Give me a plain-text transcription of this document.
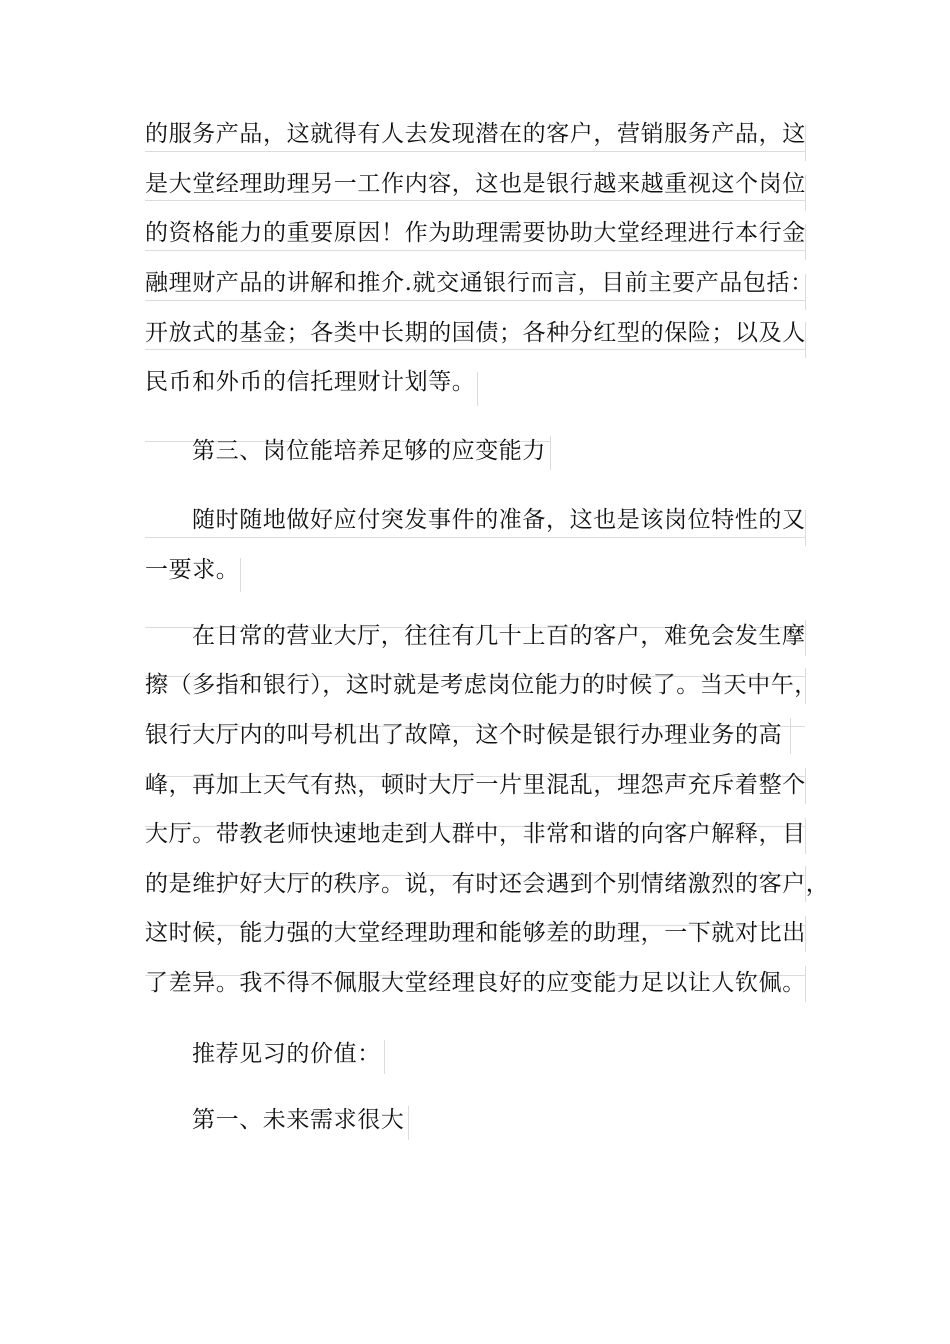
的服务产品，这就得有人去发现潜在的客户，营销服务产品，这
是大堂经理助理另一工作内容，这也是银行越来越重视这个岗位
的资格能力的重要原因！作为助理需要协助大堂经理进行本行金
融理财产品的讲解和推介.就交通银行而言，目前主要产品包括：
开放式的基金；各类中长期的国债；各种分红型的保险；以及人
民币和外币的信托理财计划等。
第三、岗位能培养足够的应变能力
随时随地做好应付突发事件的准备，这也是该岗位特性的又
一要求。
在日常的营业大厅，往往有几十上百的客户，难免会发生摩
擦（多指和银行），这时就是考虑岗位能力的时候了。当天中午，
银行大厅内的叫号机出了故障，这个时候是银行办理业务的高
峰，再加上天气有热，顿时大厅一片里混乱，埋怨声充斥着整个
大厅。带教老师快速地走到人群中，非常和谐的向客户解释，目
的是维护好大厅的秩序。说，有时还会遇到个别情绪激烈的客户，
这时候，能力强的大堂经理助理和能够差的助理，一下就对比出
了差异。我不得不佩服大堂经理良好的应变能力足以让人钦佩。
推荐见习的价值：
第一、未来需求很大
